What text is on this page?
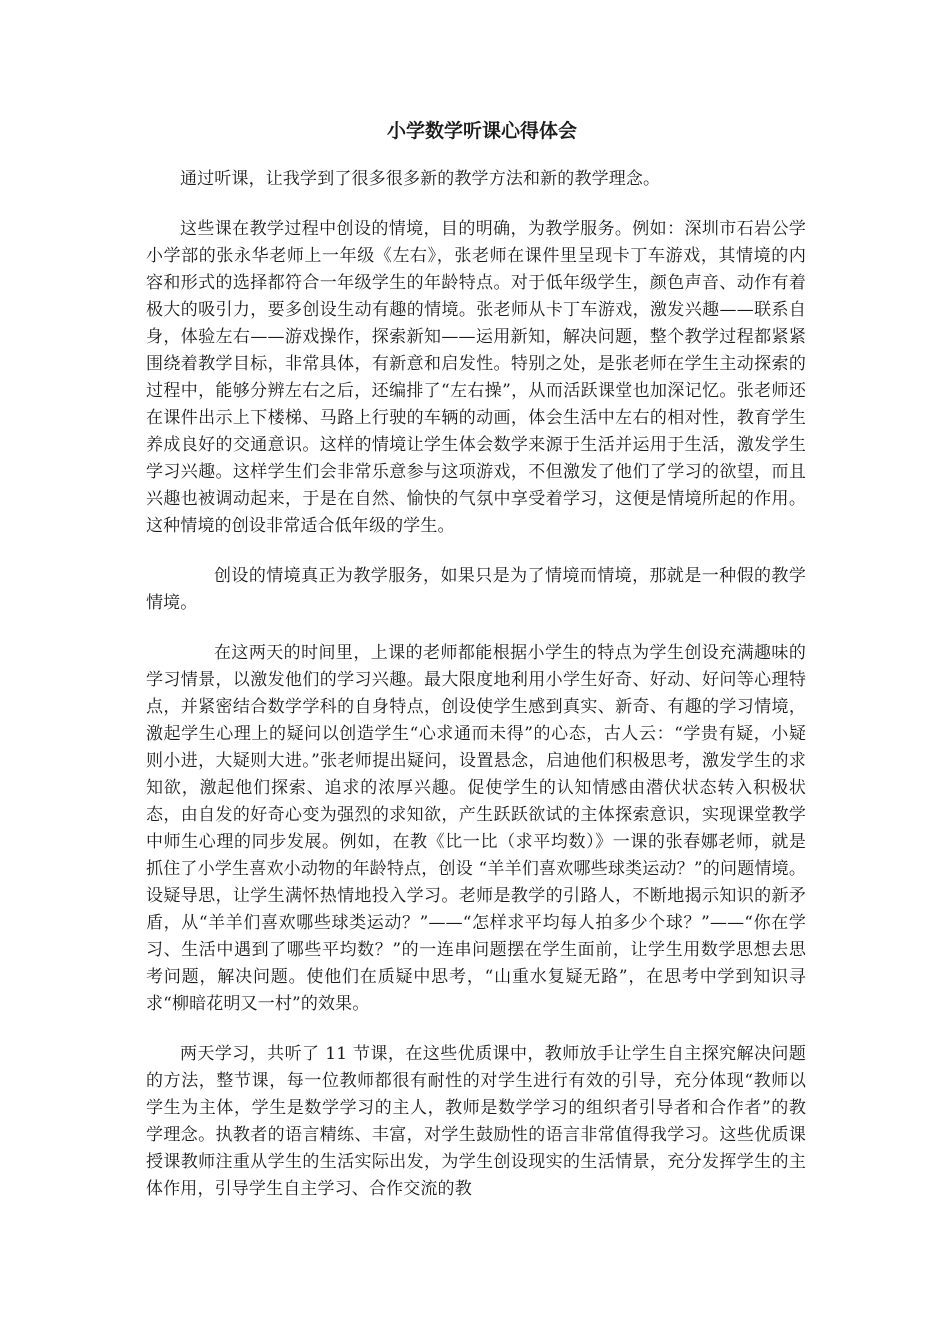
小学数学听课心得体会

通过听课，让我学到了很多很多新的教学方法和新的教学理念。

这些课在教学过程中创设的情境，目的明确，为教学服务。例如：深圳市石岩公学小学部的张永华老师上一年级《左右》，张老师在课件里呈现卡丁车游戏，其情境的内容和形式的选择都符合一年级学生的年龄特点。对于低年级学生，颜色声音、动作有着极大的吸引力，要多创设生动有趣的情境。张老师从卡丁车游戏，激发兴趣——联系自身，体验左右——游戏操作，探索新知——运用新知，解决问题，整个教学过程都紧紧围绕着教学目标，非常具体，有新意和启发性。特别之处，是张老师在学生主动探索的过程中，能够分辨左右之后，还编排了“左右操”，从而活跃课堂也加深记忆。张老师还在课件出示上下楼梯、马路上行驶的车辆的动画，体会生活中左右的相对性，教育学生养成良好的交通意识。这样的情境让学生体会数学来源于生活并运用于生活，激发学生学习兴趣。这样学生们会非常乐意参与这项游戏，不但激发了他们了学习的欲望，而且兴趣也被调动起来，于是在自然、愉快的气氛中享受着学习，这便是情境所起的作用。这种情境的创设非常适合低年级的学生。

创设的情境真正为教学服务，如果只是为了情境而情境，那就是一种假的教学情境。

在这两天的时间里，上课的老师都能根据小学生的特点为学生创设充满趣味的学习情景，以激发他们的学习兴趣。最大限度地利用小学生好奇、好动、好问等心理特点，并紧密结合数学学科的自身特点，创设使学生感到真实、新奇、有趣的学习情境，激起学生心理上的疑问以创造学生“心求通而未得”的心态，古人云：“学贵有疑，小疑则小进，大疑则大进。”张老师提出疑问，设置悬念，启迪他们积极思考，激发学生的求知欲，激起他们探索、追求的浓厚兴趣。促使学生的认知情感由潜伏状态转入积极状态，由自发的好奇心变为强烈的求知欲，产生跃跃欲试的主体探索意识，实现课堂教学中师生心理的同步发展。例如，在教《比一比（求平均数）》一课的张春娜老师，就是抓住了小学生喜欢小动物的年龄特点，创设 “羊羊们喜欢哪些球类运动？”的问题情境。设疑导思，让学生满怀热情地投入学习。老师是教学的引路人，不断地揭示知识的新矛盾，从“羊羊们喜欢哪些球类运动？”——“怎样求平均每人拍多少个球？”——“你在学习、生活中遇到了哪些平均数？”的一连串问题摆在学生面前，让学生用数学思想去思考问题，解决问题。使他们在质疑中思考，“山重水复疑无路”，在思考中学到知识寻求“柳暗花明又一村”的效果。

两天学习，共听了 11 节课，在这些优质课中，教师放手让学生自主探究解决问题的方法，整节课，每一位教师都很有耐性的对学生进行有效的引导，充分体现“教师以学生为主体，学生是数学学习的主人，教师是数学学习的组织者引导者和合作者”的教学理念。执教者的语言精练、丰富，对学生鼓励性的语言非常值得我学习。这些优质课授课教师注重从学生的生活实际出发，为学生创设现实的生活情景，充分发挥学生的主体作用，引导学生自主学习、合作交流的教
